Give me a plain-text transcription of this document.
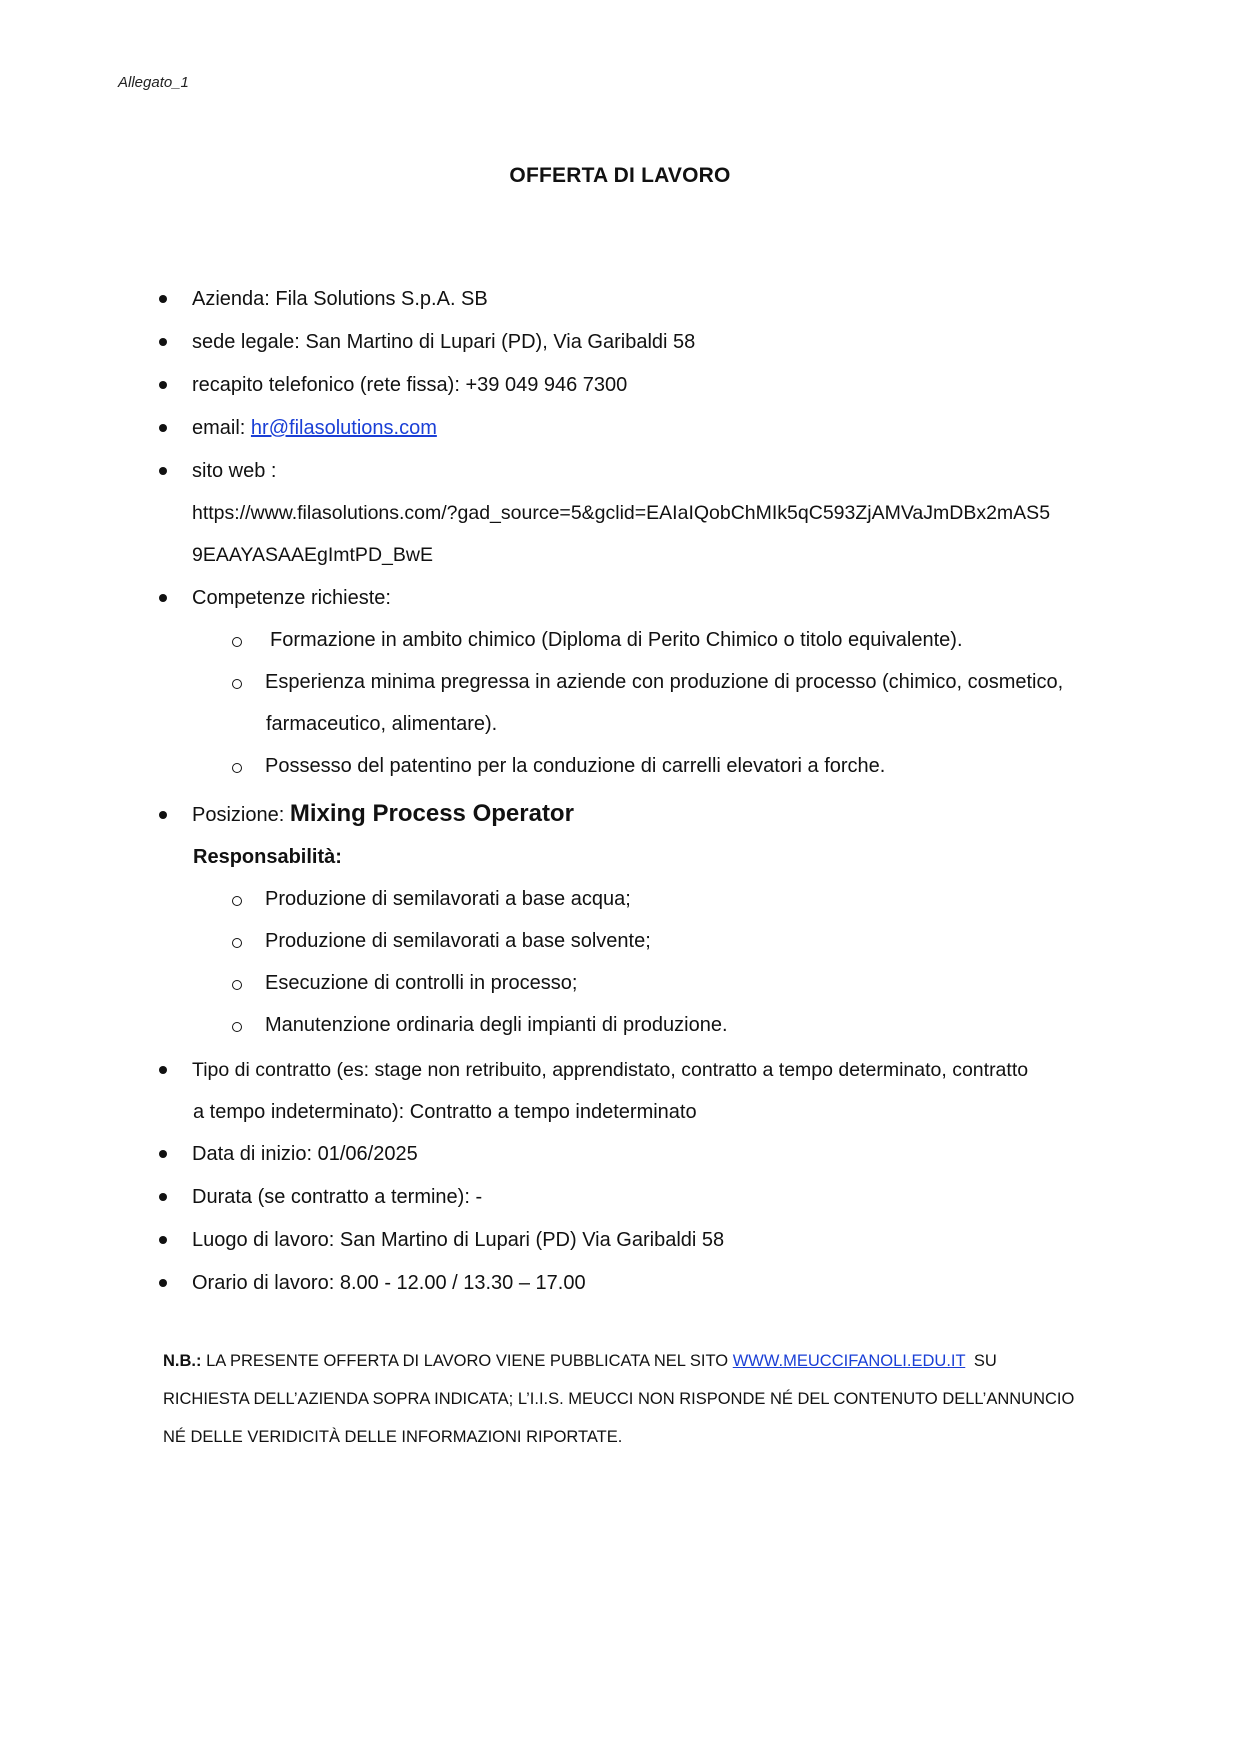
Allegato_1
OFFERTA DI LAVORO
Azienda: Fila Solutions S.p.A. SB
sede legale: San Martino di Lupari (PD), Via Garibaldi 58
recapito telefonico (rete fissa): +39 049 946 7300
email: hr@filasolutions.com
sito web :
https://www.filasolutions.com/?gad_source=5&gclid=EAIaIQobChMIk5qC593ZjAMVaJmDBx2mAS5
9EAAYASAAEgImtPD_BwE
Competenze richieste:
Formazione in ambito chimico (Diploma di Perito Chimico o titolo equivalente).
Esperienza minima pregressa in aziende con produzione di processo (chimico, cosmetico,
farmaceutico, alimentare).
Possesso del patentino per la conduzione di carrelli elevatori a forche.
Posizione: Mixing Process Operator
Responsabilità:
Produzione di semilavorati a base acqua;
Produzione di semilavorati a base solvente;
Esecuzione di controlli in processo;
Manutenzione ordinaria degli impianti di produzione.
Tipo di contratto (es: stage non retribuito, apprendistato, contratto a tempo determinato, contratto
a tempo indeterminato): Contratto a tempo indeterminato
Data di inizio: 01/06/2025
Durata (se contratto a termine): -
Luogo di lavoro: San Martino di Lupari (PD) Via Garibaldi 58
Orario di lavoro: 8.00 - 12.00 / 13.30 – 17.00
N.B.: LA PRESENTE OFFERTA DI LAVORO VIENE PUBBLICATA NEL SITO WWW.MEUCCIFANOLI.EDU.IT SU
RICHIESTA DELL’AZIENDA SOPRA INDICATA; L’I.I.S. MEUCCI NON RISPONDE NÉ DEL CONTENUTO DELL’ANNUNCIO
NÉ DELLE VERIDICITÀ DELLE INFORMAZIONI RIPORTATE.
